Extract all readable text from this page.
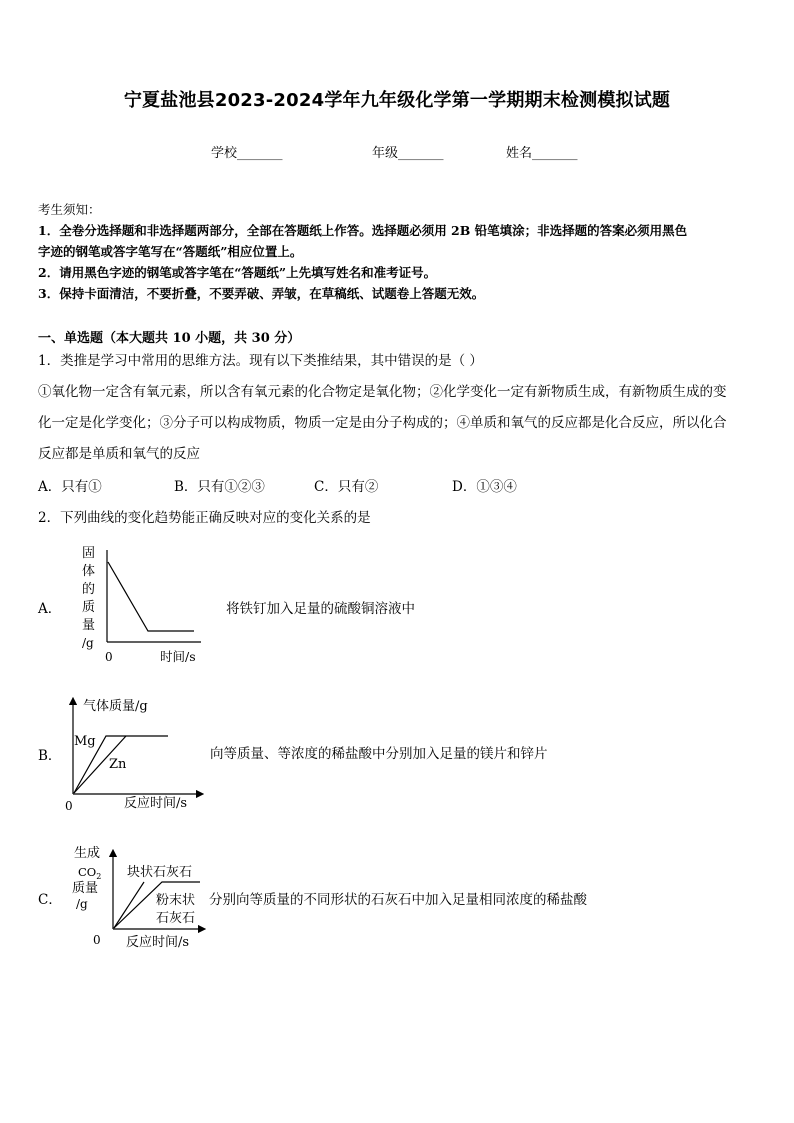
宁夏盐池县2023-2024学年九年级化学第一学期期末检测模拟试题
学校_______	年级_______	姓名_______
考生须知：
1．全卷分选择题和非选择题两部分，全部在答题纸上作答。选择题必须用 2B 铅笔填涂；非选择题的答案必须用黑色
字迹的钢笔或答字笔写在“答题纸”相应位置上。
2．请用黑色字迹的钢笔或答字笔在“答题纸”上先填写姓名和准考证号。
3．保持卡面清洁，不要折叠，不要弄破、弄皱，在草稿纸、试题卷上答题无效。
一、单选题（本大题共 10 小题，共 30 分）
1．类推是学习中常用的思维方法。现有以下类推结果，其中错误的是（ ）
①氧化物一定含有氧元素，所以含有氧元素的化合物定是氧化物；②化学变化一定有新物质生成，有新物质生成的变
化一定是化学变化；③分子可以构成物质，物质一定是由分子构成的；④单质和氧气的反应都是化合反应，所以化合
反应都是单质和氧气的反应
A．只有①	B．只有①②③	C．只有②	D．①③④
2．下列曲线的变化趋势能正确反映对应的变化关系的是
A．
固
体
的
质
量
/g
0	时间/s
将铁钉加入足量的硫酸铜溶液中
B．
气体质量/g
Mg
Zn
0	反应时间/s
向等质量、等浓度的稀盐酸中分别加入足量的镁片和锌片
C．
生成
$CO_2$
质量
/g
块状石灰石
粉末状
石灰石
0 反应时间/s
分别向等质量的不同形状的石灰石中加入足量相同浓度的稀盐酸
